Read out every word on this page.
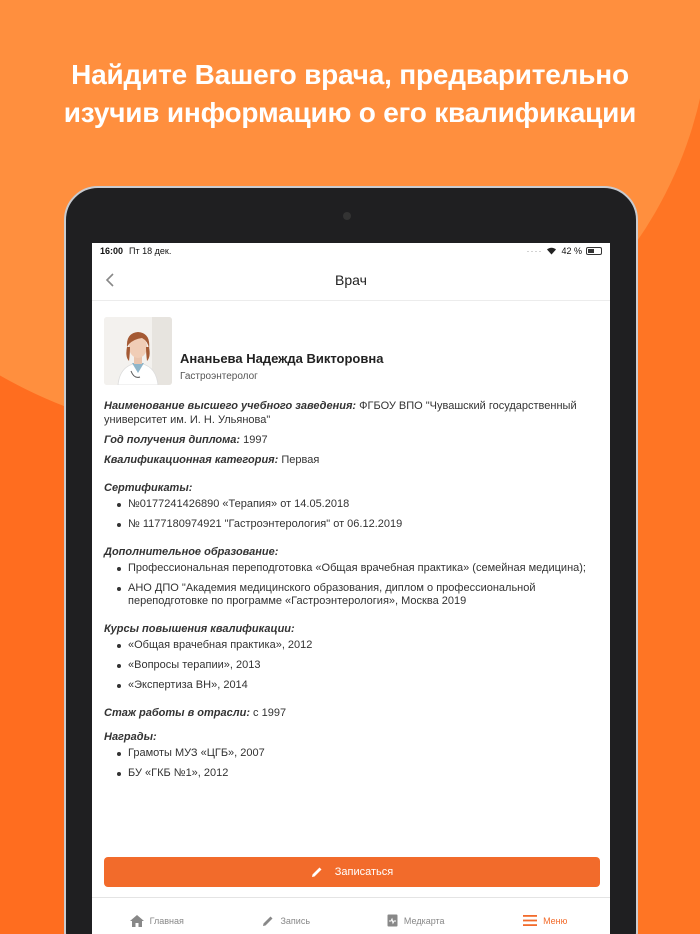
Найдите Вашего врача, предварительно
изучив информацию о его квалификации
16:00 Пт 18 дек.	···· 42 %
Врач
Ананьева Надежда Викторовна
Гастроэнтеролог
Наименование высшего учебного заведения: ФГБОУ ВПО "Чувашский государственный университет им. И. Н. Ульянова"
Год получения диплома: 1997
Квалификационная категория: Первая
Сертификаты:
№0177241426890 «Терапия» от 14.05.2018
№ 1177180974921 "Гастроэнтерология" от 06.12.2019
Дополнительное образование:
Профессиональная переподготовка «Общая врачебная практика» (семейная медицина);
АНО ДПО "Академия медицинского образования, диплом о профессиональной переподготовке по программе «Гастроэнтерология», Москва 2019
Курсы повышения квалификации:
«Общая врачебная практика», 2012
«Вопросы терапии», 2013
«Экспертиза ВН», 2014
Стаж работы в отрасли: с 1997
Награды:
Грамоты МУЗ «ЦГБ», 2007
БУ «ГКБ №1», 2012
Записаться
Главная	Запись	Медкарта	Меню
